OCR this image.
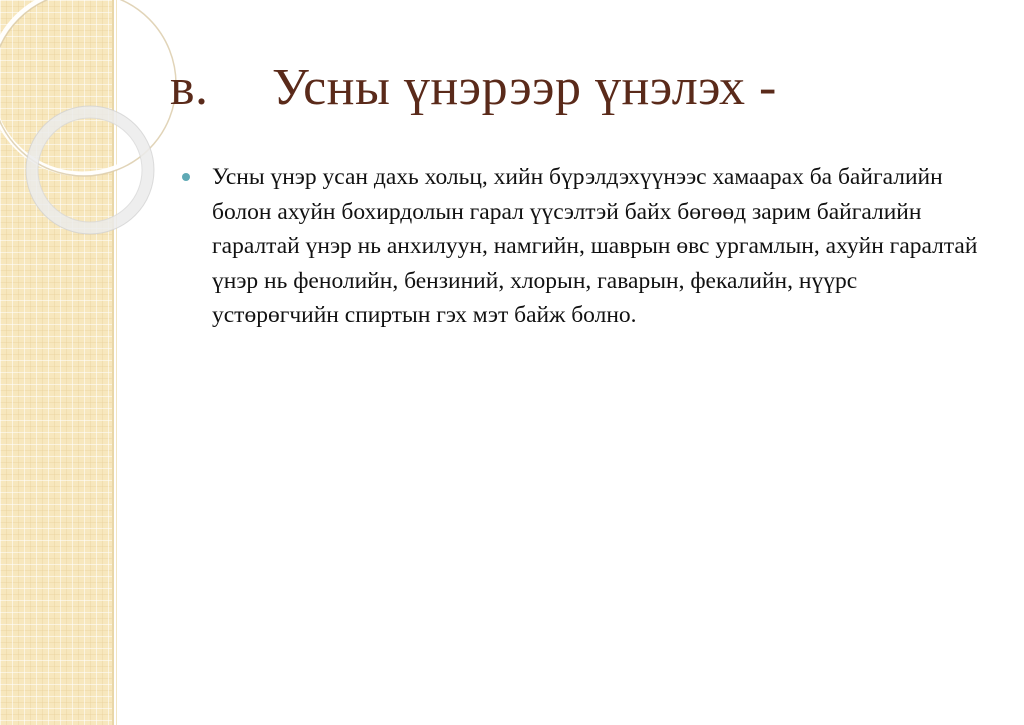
в. Усны үнэрээр үнэлэх -
Усны үнэр усан дахь хольц, хийн бүрэлдэхүүнээс хамаарах ба байгалийн болон ахуйн бохирдолын гарал үүсэлтэй байх бөгөөд зарим байгалийн гаралтай үнэр нь анхилуун, намгийн, шаврын өвс ургамлын, ахуйн гаралтай үнэр нь фенолийн, бензиний, хлорын, гаварын, фекалийн, нүүрс устөрөгчийн спиртын гэх мэт байж болно.
